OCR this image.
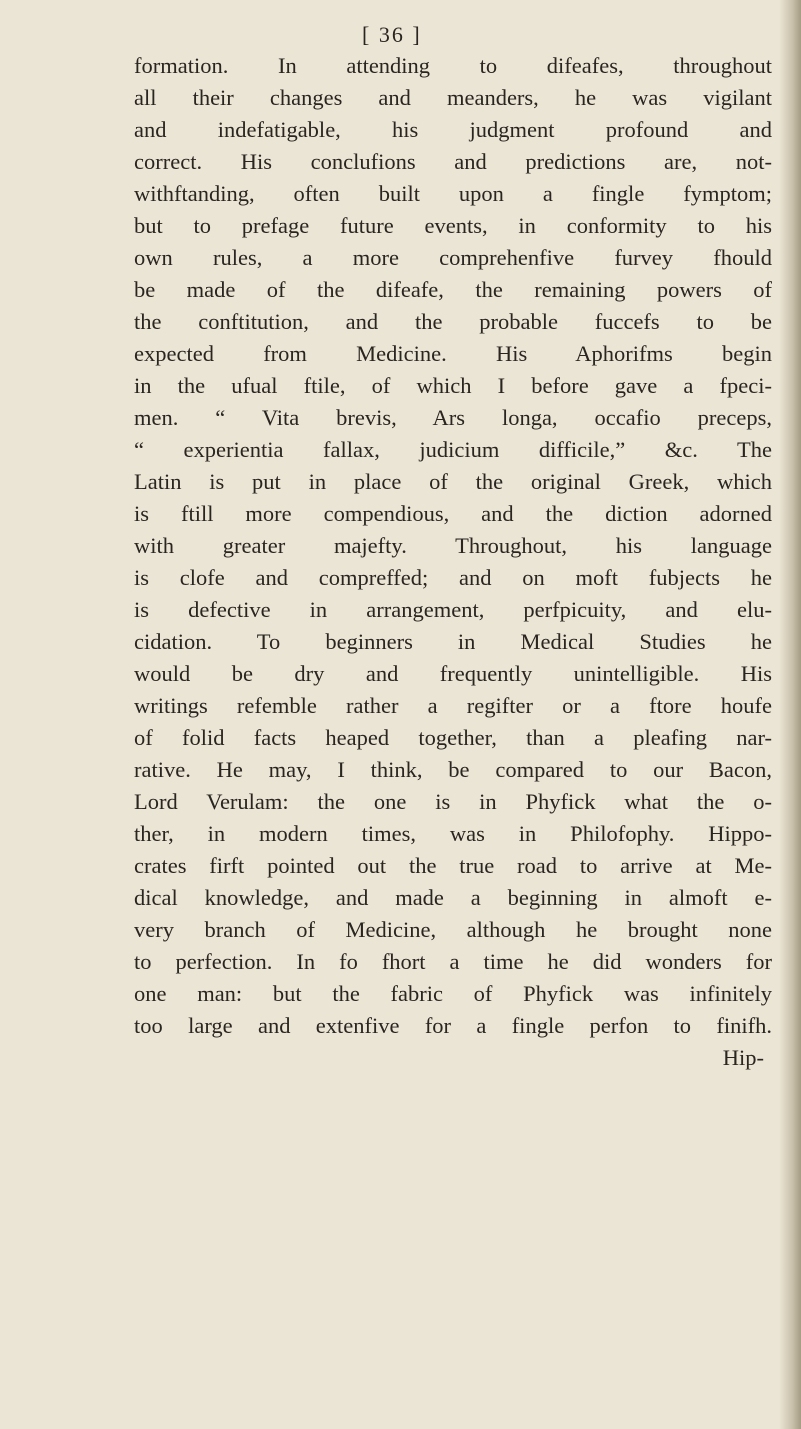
[ 36 ]
formation. In attending to difeafes, throughout
all their changes and meanders, he was vigilant
and indefatigable, his judgment profound and
correct. His conclufions and predictions are, not-
withftanding, often built upon a fingle fymptom;
but to prefage future events, in conformity to his
own rules, a more comprehenfive furvey fhould
be made of the difeafe, the remaining powers of
the conftitution, and the probable fuccefs to be
expected from Medicine. His Aphorifms begin
in the ufual ftile, of which I before gave a fpeci-
men. “ Vita brevis, Ars longa, occafio preceps,
“ experientia fallax, judicium difficile,” &c. The
Latin is put in place of the original Greek, which
is ftill more compendious, and the diction adorned
with greater majefty. Throughout, his language
is clofe and compreffed; and on moft fubjects he
is defective in arrangement, perfpicuity, and elu-
cidation. To beginners in Medical Studies he
would be dry and frequently unintelligible. His
writings refemble rather a regifter or a ftore houfe
of folid facts heaped together, than a pleafing nar-
rative. He may, I think, be compared to our Bacon,
Lord Verulam: the one is in Phyfick what the o-
ther, in modern times, was in Philofophy. Hippo-
crates firft pointed out the true road to arrive at Me-
dical knowledge, and made a beginning in almoft e-
very branch of Medicine, although he brought none
to perfection. In fo fhort a time he did wonders for
one man: but the fabric of Phyfick was infinitely
too large and extenfive for a fingle perfon to finifh.
Hip-
